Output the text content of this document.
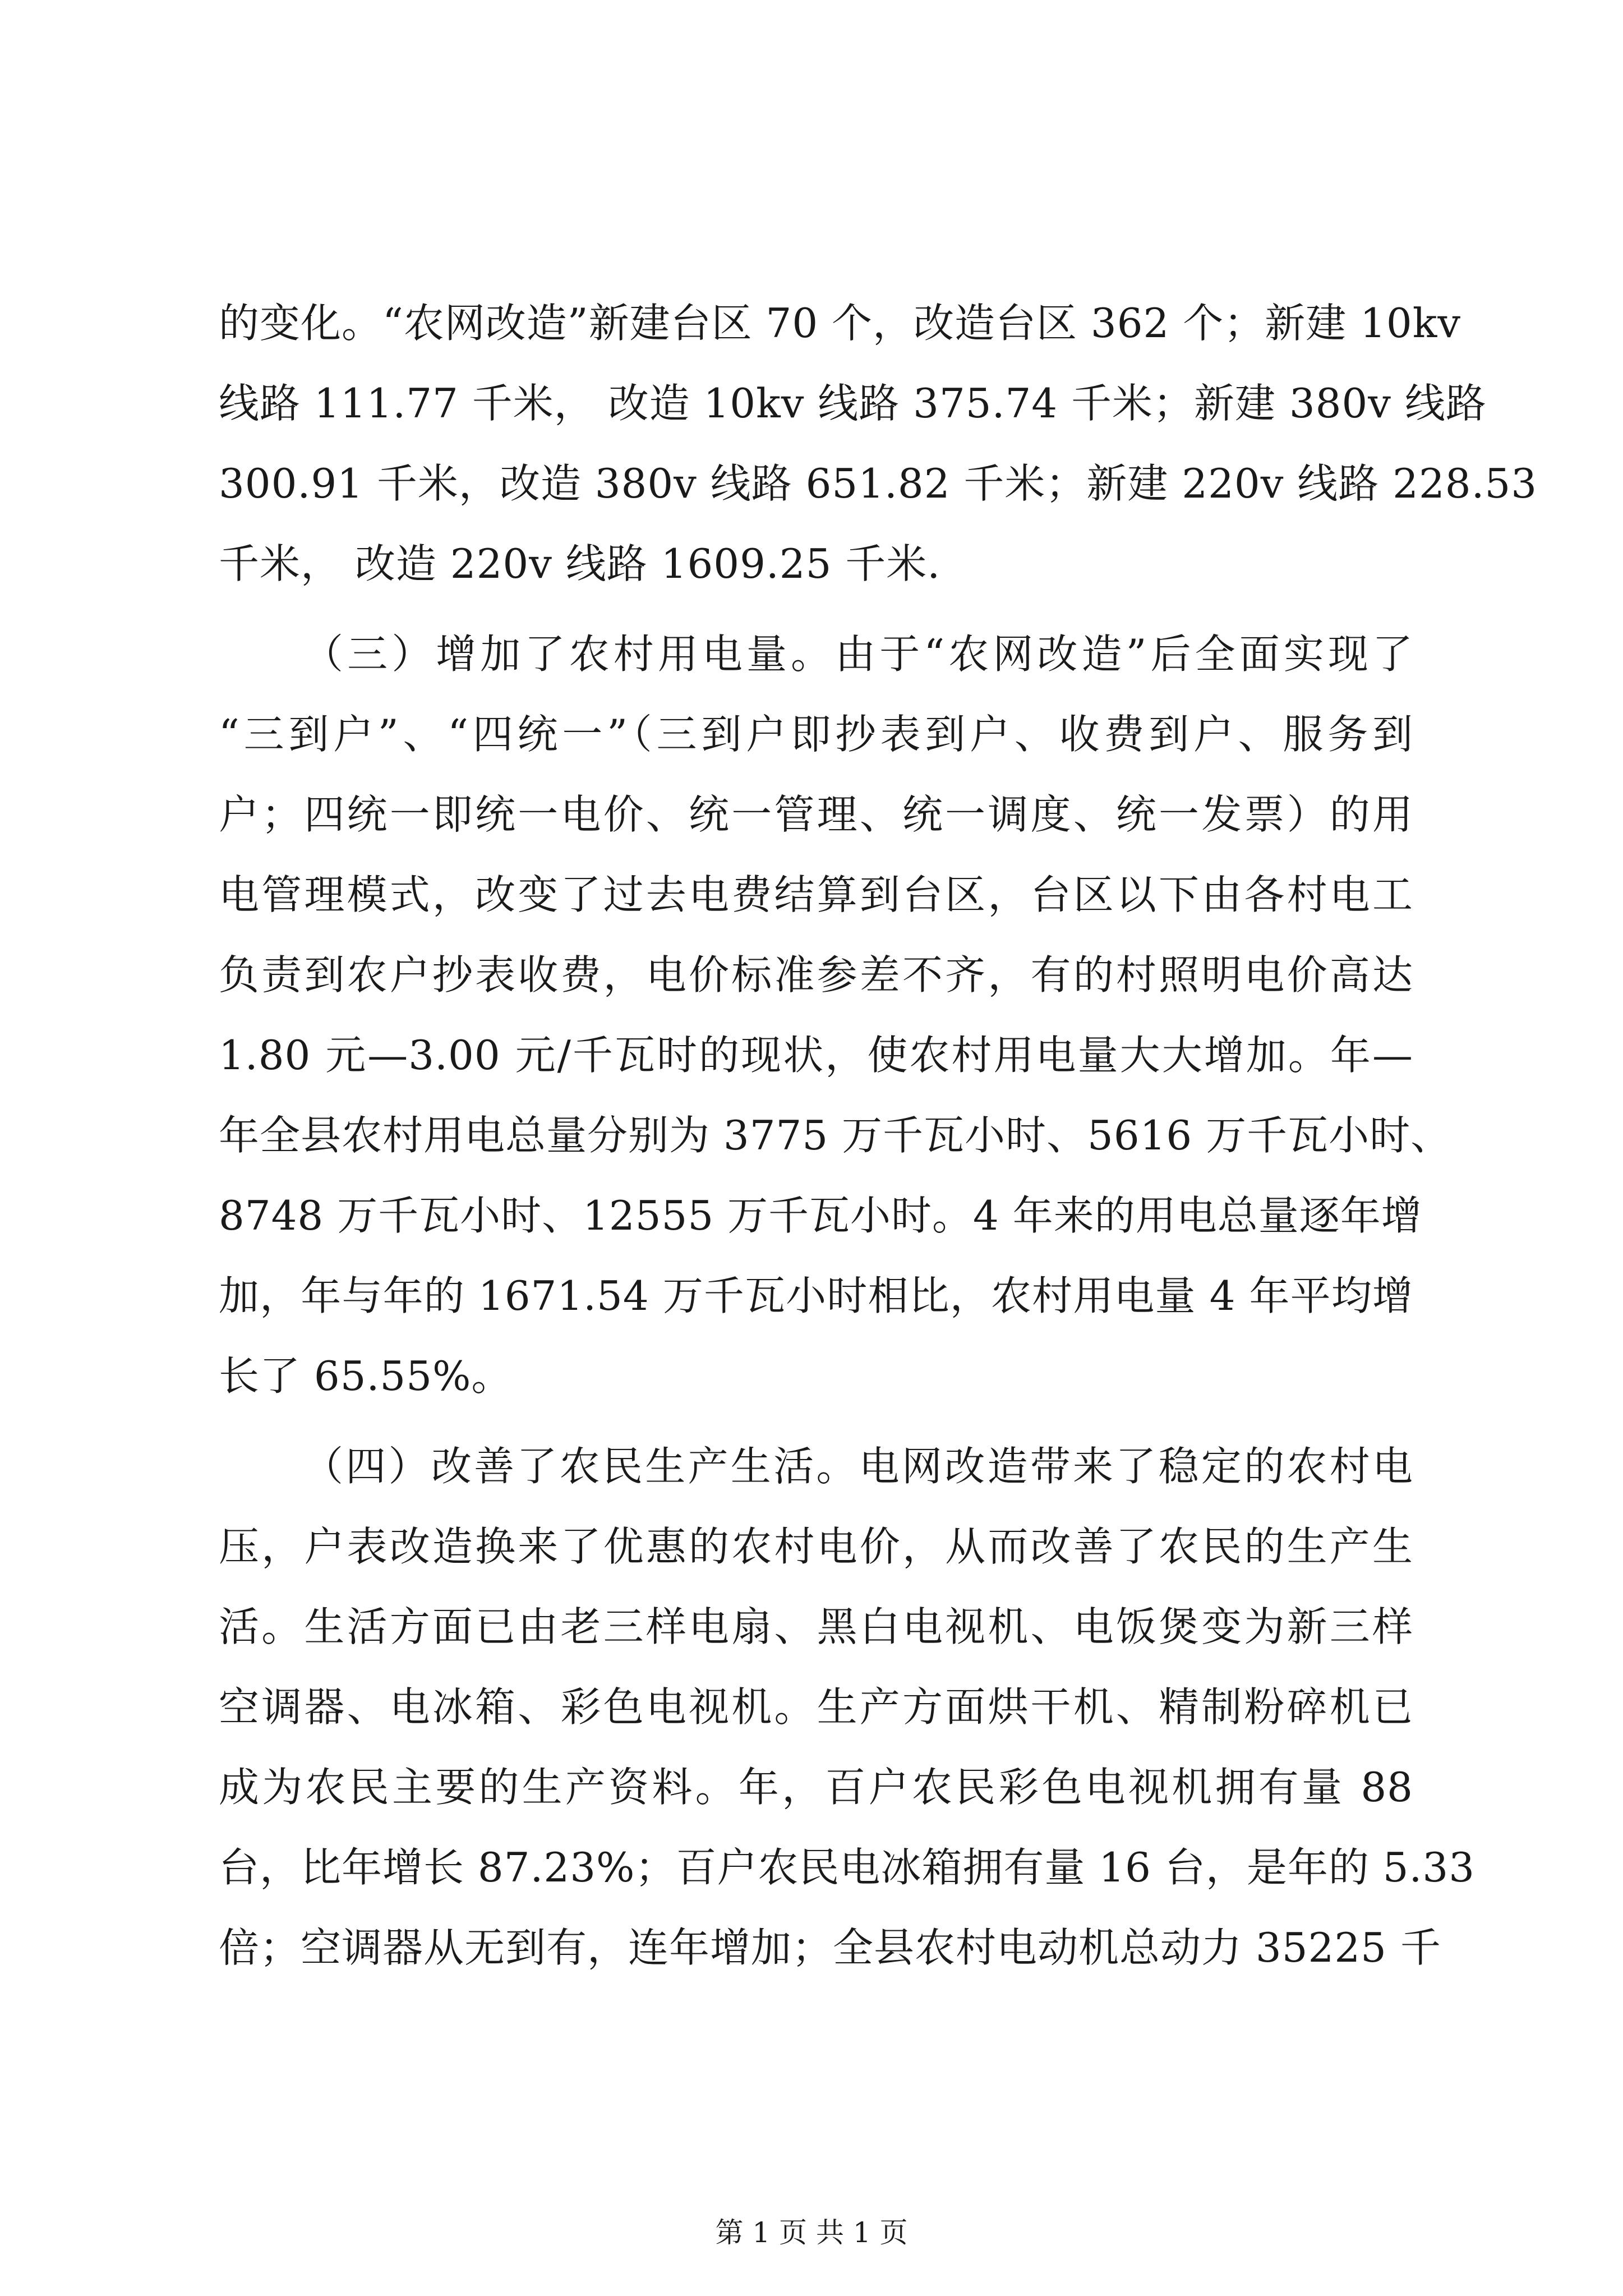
的变化。“农网改造”新建台区 70 个，改造台区 362 个；新建 10kv
线路 111.77 千米， 改造 10kv 线路 375.74 千米；新建 380v 线路
300.91 千米，改造 380v 线路 651.82 千米；新建 220v 线路 228.53
千米， 改造 220v 线路 1609.25 千米.
（三）增加了农村用电量。由于“农网改造”后全面实现了
“三到户”、“四统一”（三到户即抄表到户、收费到户、服务到
户；四统一即统一电价、统一管理、统一调度、统一发票）的用
电管理模式，改变了过去电费结算到台区，台区以下由各村电工
负责到农户抄表收费，电价标准参差不齐，有的村照明电价高达
1.80 元—3.00 元/千瓦时的现状，使农村用电量大大增加。年—
年全县农村用电总量分别为 3775 万千瓦小时、5616 万千瓦小时、
8748 万千瓦小时、12555 万千瓦小时。4 年来的用电总量逐年增
加，年与年的 1671.54 万千瓦小时相比，农村用电量 4 年平均增
长了 65.55%。
（四）改善了农民生产生活。电网改造带来了稳定的农村电
压，户表改造换来了优惠的农村电价，从而改善了农民的生产生
活。生活方面已由老三样电扇、黑白电视机、电饭煲变为新三样
空调器、电冰箱、彩色电视机。生产方面烘干机、精制粉碎机已
成为农民主要的生产资料。年，百户农民彩色电视机拥有量 88
台，比年增长 87.23%；百户农民电冰箱拥有量 16 台，是年的 5.33
倍；空调器从无到有，连年增加；全县农村电动机总动力 35225 千
第 1 页 共 1 页
